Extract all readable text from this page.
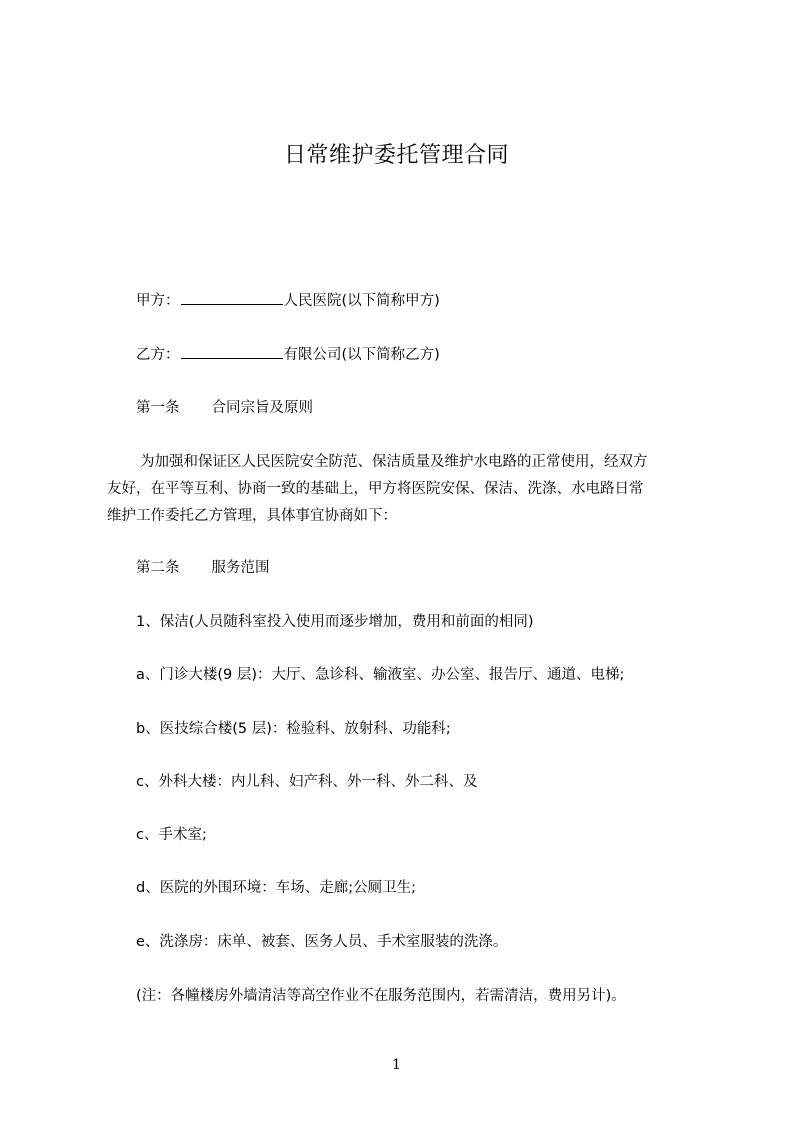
日常维护委托管理合同
甲方：	人民医院(以下简称甲方)
乙方：	有限公司(以下简称乙方)
第一条 合同宗旨及原则
为加强和保证区人民医院安全防范、保洁质量及维护水电路的正常使用，经双方
友好，在平等互利、协商一致的基础上，甲方将医院安保、保洁、洗涤、水电路日常
维护工作委托乙方管理，具体事宜协商如下：
第二条 服务范围
1、保洁(人员随科室投入使用而逐步增加，费用和前面的相同)
a、门诊大楼(9 层)：大厅、急诊科、输液室、办公室、报告厅、通道、电梯;
b、医技综合楼(5 层)：检验科、放射科、功能科;
c、外科大楼：内儿科、妇产科、外一科、外二科、及
c、手术室;
d、医院的外围环境：车场、走廊;公厕卫生;
e、洗涤房：床单、被套、医务人员、手术室服装的洗涤。
(注：各幢楼房外墙清洁等高空作业不在服务范围内，若需清洁，费用另计)。
1
